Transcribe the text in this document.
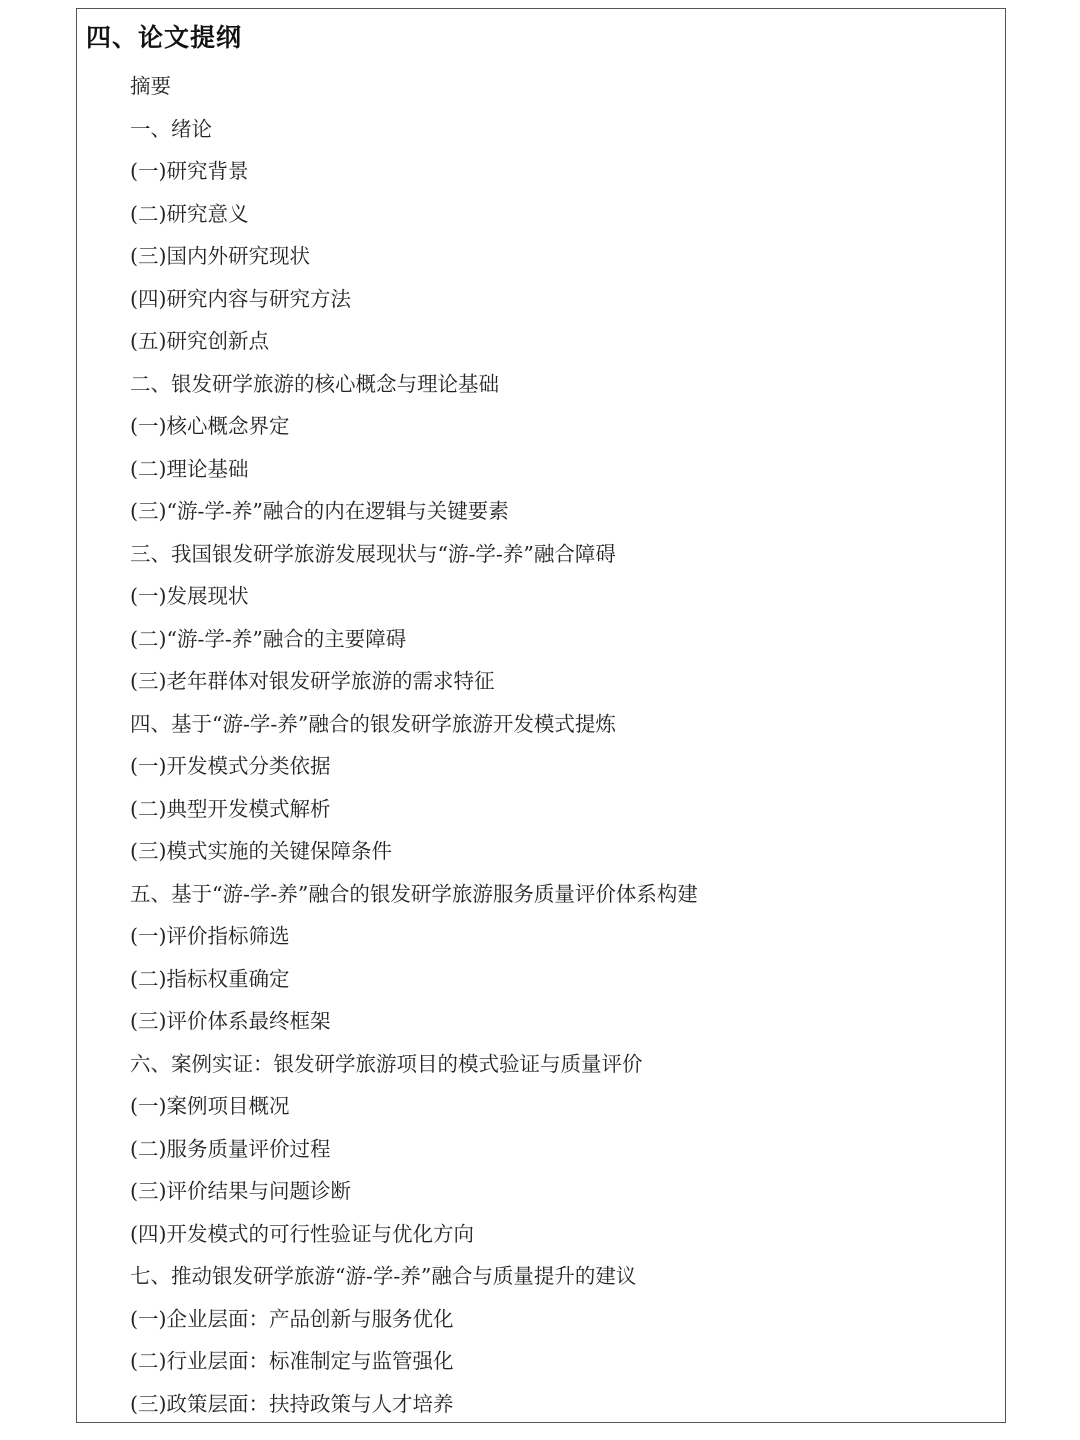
四、论文提纲
摘要
一、绪论
(一)研究背景
(二)研究意义
(三)国内外研究现状
(四)研究内容与研究方法
(五)研究创新点
二、银发研学旅游的核心概念与理论基础
(一)核心概念界定
(二)理论基础
(三)“游-学-养”融合的内在逻辑与关键要素
三、我国银发研学旅游发展现状与“游-学-养”融合障碍
(一)发展现状
(二)“游-学-养”融合的主要障碍
(三)老年群体对银发研学旅游的需求特征
四、基于“游-学-养”融合的银发研学旅游开发模式提炼
(一)开发模式分类依据
(二)典型开发模式解析
(三)模式实施的关键保障条件
五、基于“游-学-养”融合的银发研学旅游服务质量评价体系构建
(一)评价指标筛选
(二)指标权重确定
(三)评价体系最终框架
六、案例实证：银发研学旅游项目的模式验证与质量评价
(一)案例项目概况
(二)服务质量评价过程
(三)评价结果与问题诊断
(四)开发模式的可行性验证与优化方向
七、推动银发研学旅游“游-学-养”融合与质量提升的建议
(一)企业层面：产品创新与服务优化
(二)行业层面：标准制定与监管强化
(三)政策层面：扶持政策与人才培养
